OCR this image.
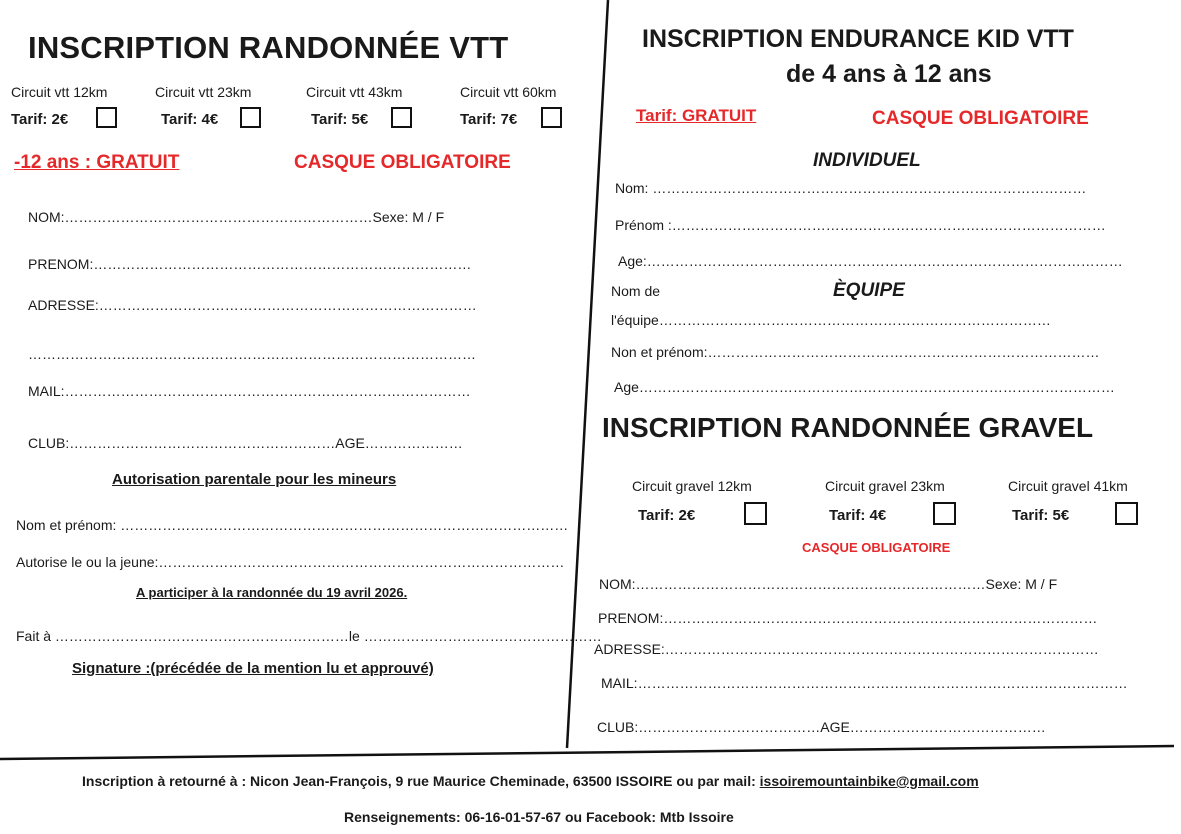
INSCRIPTION RANDONNÉE VTT
Circuit vtt 12km	Circuit vtt 23km	Circuit vtt 43km	Circuit vtt 60km
Tarif: 2€	Tarif: 4€	Tarif: 5€	Tarif: 7€
-12 ans : GRATUIT	CASQUE OBLIGATOIRE
NOM:…………………………………………………………Sexe: M / F
PRENOM:………………………………………………………………………
ADRESSE:………………………………………………………………………
……………………………………………………………………………………
MAIL:……………………………………………………………………………
CLUB:…………………………………………………AGE…………………
Autorisation parentale pour les mineurs
Nom et prénom: ……………………………………………………………………………………
Autorise le ou la jeune:……………………………………………………………………………
A participer à la randonnée du 19 avril 2026.
Fait à ………………………………………………………le ……………………………………………
Signature :(précédée de la mention lu et approuvé)
INSCRIPTION ENDURANCE KID VTT
de 4 ans à 12 ans
Tarif: GRATUIT	CASQUE OBLIGATOIRE
INDIVIDUEL
Nom: …………………………………………………………………………………
Prénom :…………………………………………………………………………………
Age:…………………………………………………………………………………………
Nom de	ÈQUIPE
l'équipe…………………………………………………………………………
Non et prénom:…………………………………………………………………………
Age…………………………………………………………………………………………
INSCRIPTION RANDONNÉE GRAVEL
Circuit gravel 12km	Circuit gravel 23km	Circuit gravel 41km
Tarif: 2€	Tarif: 4€	Tarif: 5€
CASQUE OBLIGATOIRE
NOM:…………………………………………………………………Sexe: M / F
PRENOM:…………………………………………………………………………………
ADRESSE:…………………………………………………………………………………
MAIL:……………………………………………………………………………………………
CLUB:…………………………………AGE……………………………………
Inscription à retourné à : Nicon Jean-François, 9 rue Maurice Cheminade, 63500 ISSOIRE ou par mail: issoiremountainbike@gmail.com
Renseignements: 06-16-01-57-67 ou Facebook: Mtb Issoire
